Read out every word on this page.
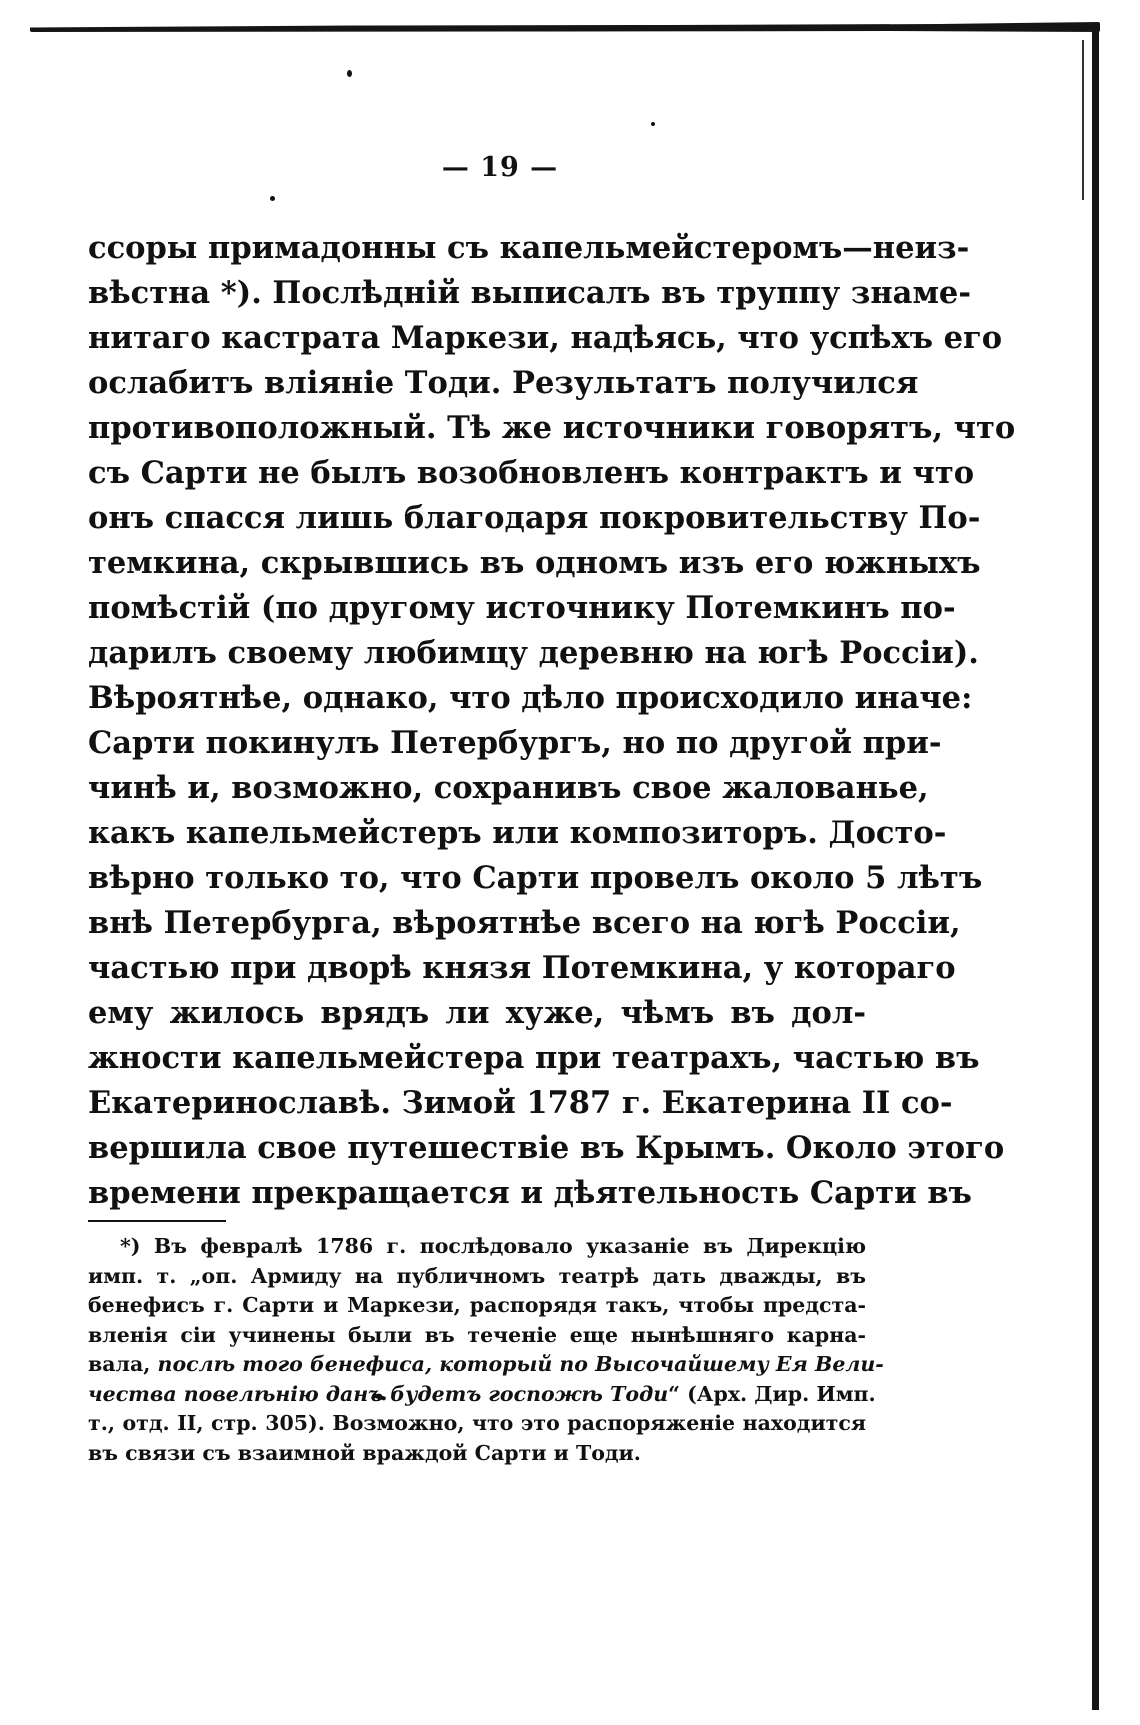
— 19 —
ссоры примадонны съ капельмейстеромъ—неиз-
вѣстна *). Послѣднiй выписалъ въ труппу знаме-
нитаго кастрата Маркези, надѣясь, что успѣхъ его
ослабитъ влiянiе Тоди. Результатъ получился
противоположный. Тѣ же источники говорятъ, что
съ Сарти не былъ возобновленъ контрактъ и что
онъ спасся лишь благодаря покровительству По-
темкина, скрывшись въ одномъ изъ его южныхъ
помѣстiй (по другому источнику Потемкинъ по-
дарилъ своему любимцу деревню на югѣ Россiи).
Вѣроятнѣе, однако, что дѣло происходило иначе:
Сарти покинулъ Петербургъ, но по другой при-
чинѣ и, возможно, сохранивъ свое жалованье,
какъ капельмейстеръ или композиторъ. Досто-
вѣрно только то, что Сарти провелъ около 5 лѣтъ
внѣ Петербурга, вѣроятнѣе всего на югѣ Россiи,
частью при дворѣ князя Потемкина, у котораго
ему жилось врядъ ли хуже, чѣмъ въ дол-
жности капельмейстера при театрахъ, частью въ
Екатеринославѣ. Зимой 1787 г. Екатерина II со-
вершила свое путешествiе въ Крымъ. Около этого
времени прекращается и дѣятельность Сарти въ
*) Въ февралѣ 1786 г. послѣдовало указанiе въ Дирекцiю
имп. т. „оп. Армиду на публичномъ театрѣ дать дважды, въ
бенефисъ г. Сарти и Маркези, распорядя такъ, чтобы предста-
вленiя сiи учинены были въ теченiе еще нынѣшняго карна-
вала, послѣ того бенефиса, который по Высочайшему Ея Вели-
чества повелѣнiю данъ будетъ госпожѣ Тоди“ (Арх. Дир. Имп.
т., отд. II, стр. 305). Возможно, что это распоряженiе находится
въ связи съ взаимной враждой Сарти и Тоди.
